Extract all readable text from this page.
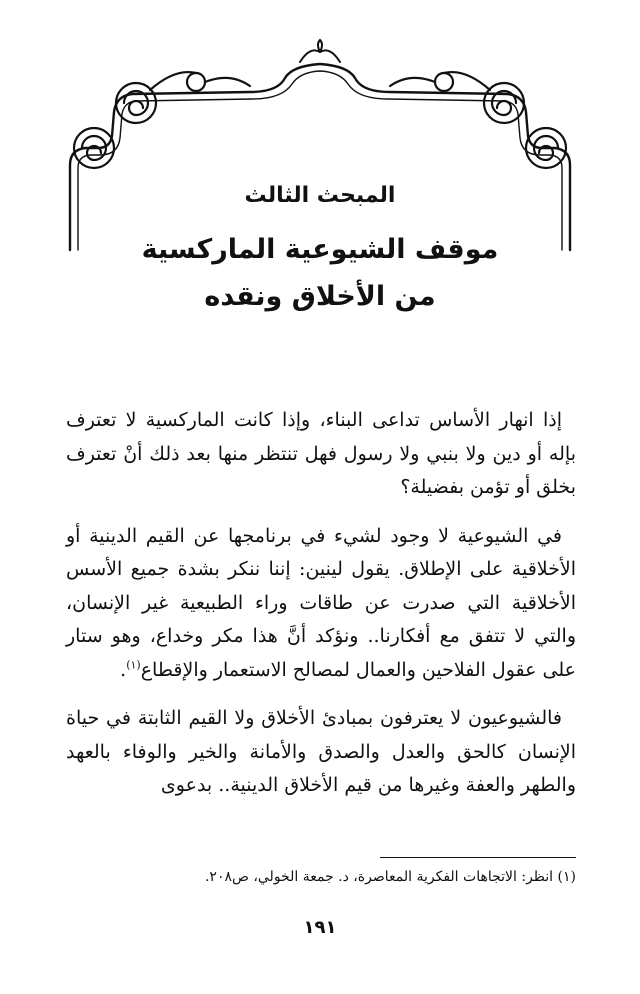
المبحث الثالث
موقف الشيوعية الماركسية
من الأخلاق ونقده

إذا انهار الأساس تداعى البناء، وإذا كانت الماركسية لا تعترف بإله أو دين ولا بنبي ولا رسول فهل تنتظر منها بعد ذلك أنْ تعترف بخلق أو تؤمن بفضيلة؟

في الشيوعية لا وجود لشيء في برنامجها عن القيم الدينية أو الأخلاقية على الإطلاق. يقول لينين: إننا ننكر بشدة جميع الأسس الأخلاقية التي صدرت عن طاقات وراء الطبيعية غير الإنسان، والتي لا تتفق مع أفكارنا.. ونؤكد أنَّ هذا مكر وخداع، وهو ستار على عقول الفلاحين والعمال لمصالح الاستعمار والإقطاع$^{(١)}$.

فالشيوعيون لا يعترفون بمبادئ الأخلاق ولا القيم الثابتة في حياة الإنسان كالحق والعدل والصدق والأمانة والخير والوفاء بالعهد والطهر والعفة وغيرها من قيم الأخلاق الدينية.. بدعوى

(١) انظر: الاتجاهات الفكرية المعاصرة، د. جمعة الخولي، ص٢٠٨.
١٩١
